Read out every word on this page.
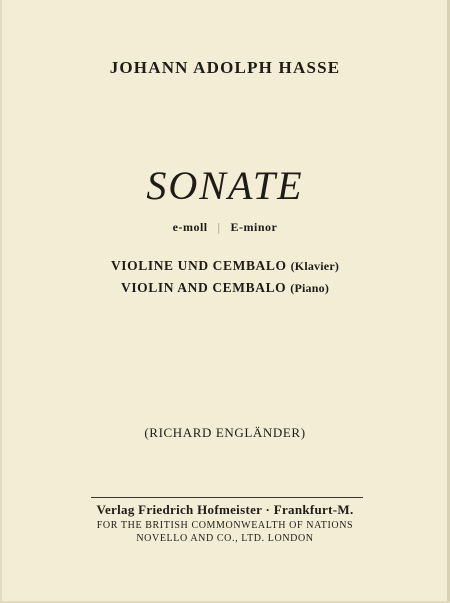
JOHANN ADOLPH HASSE
SONATE
e-moll | E-minor
VIOLINE UND CEMBALO (Klavier)
VIOLIN AND CEMBALO (Piano)
(RICHARD ENGLÄNDER)
Verlag Friedrich Hofmeister · Frankfurt-M.
FOR THE BRITISH COMMONWEALTH OF NATIONS
NOVELLO AND CO., LTD. LONDON
